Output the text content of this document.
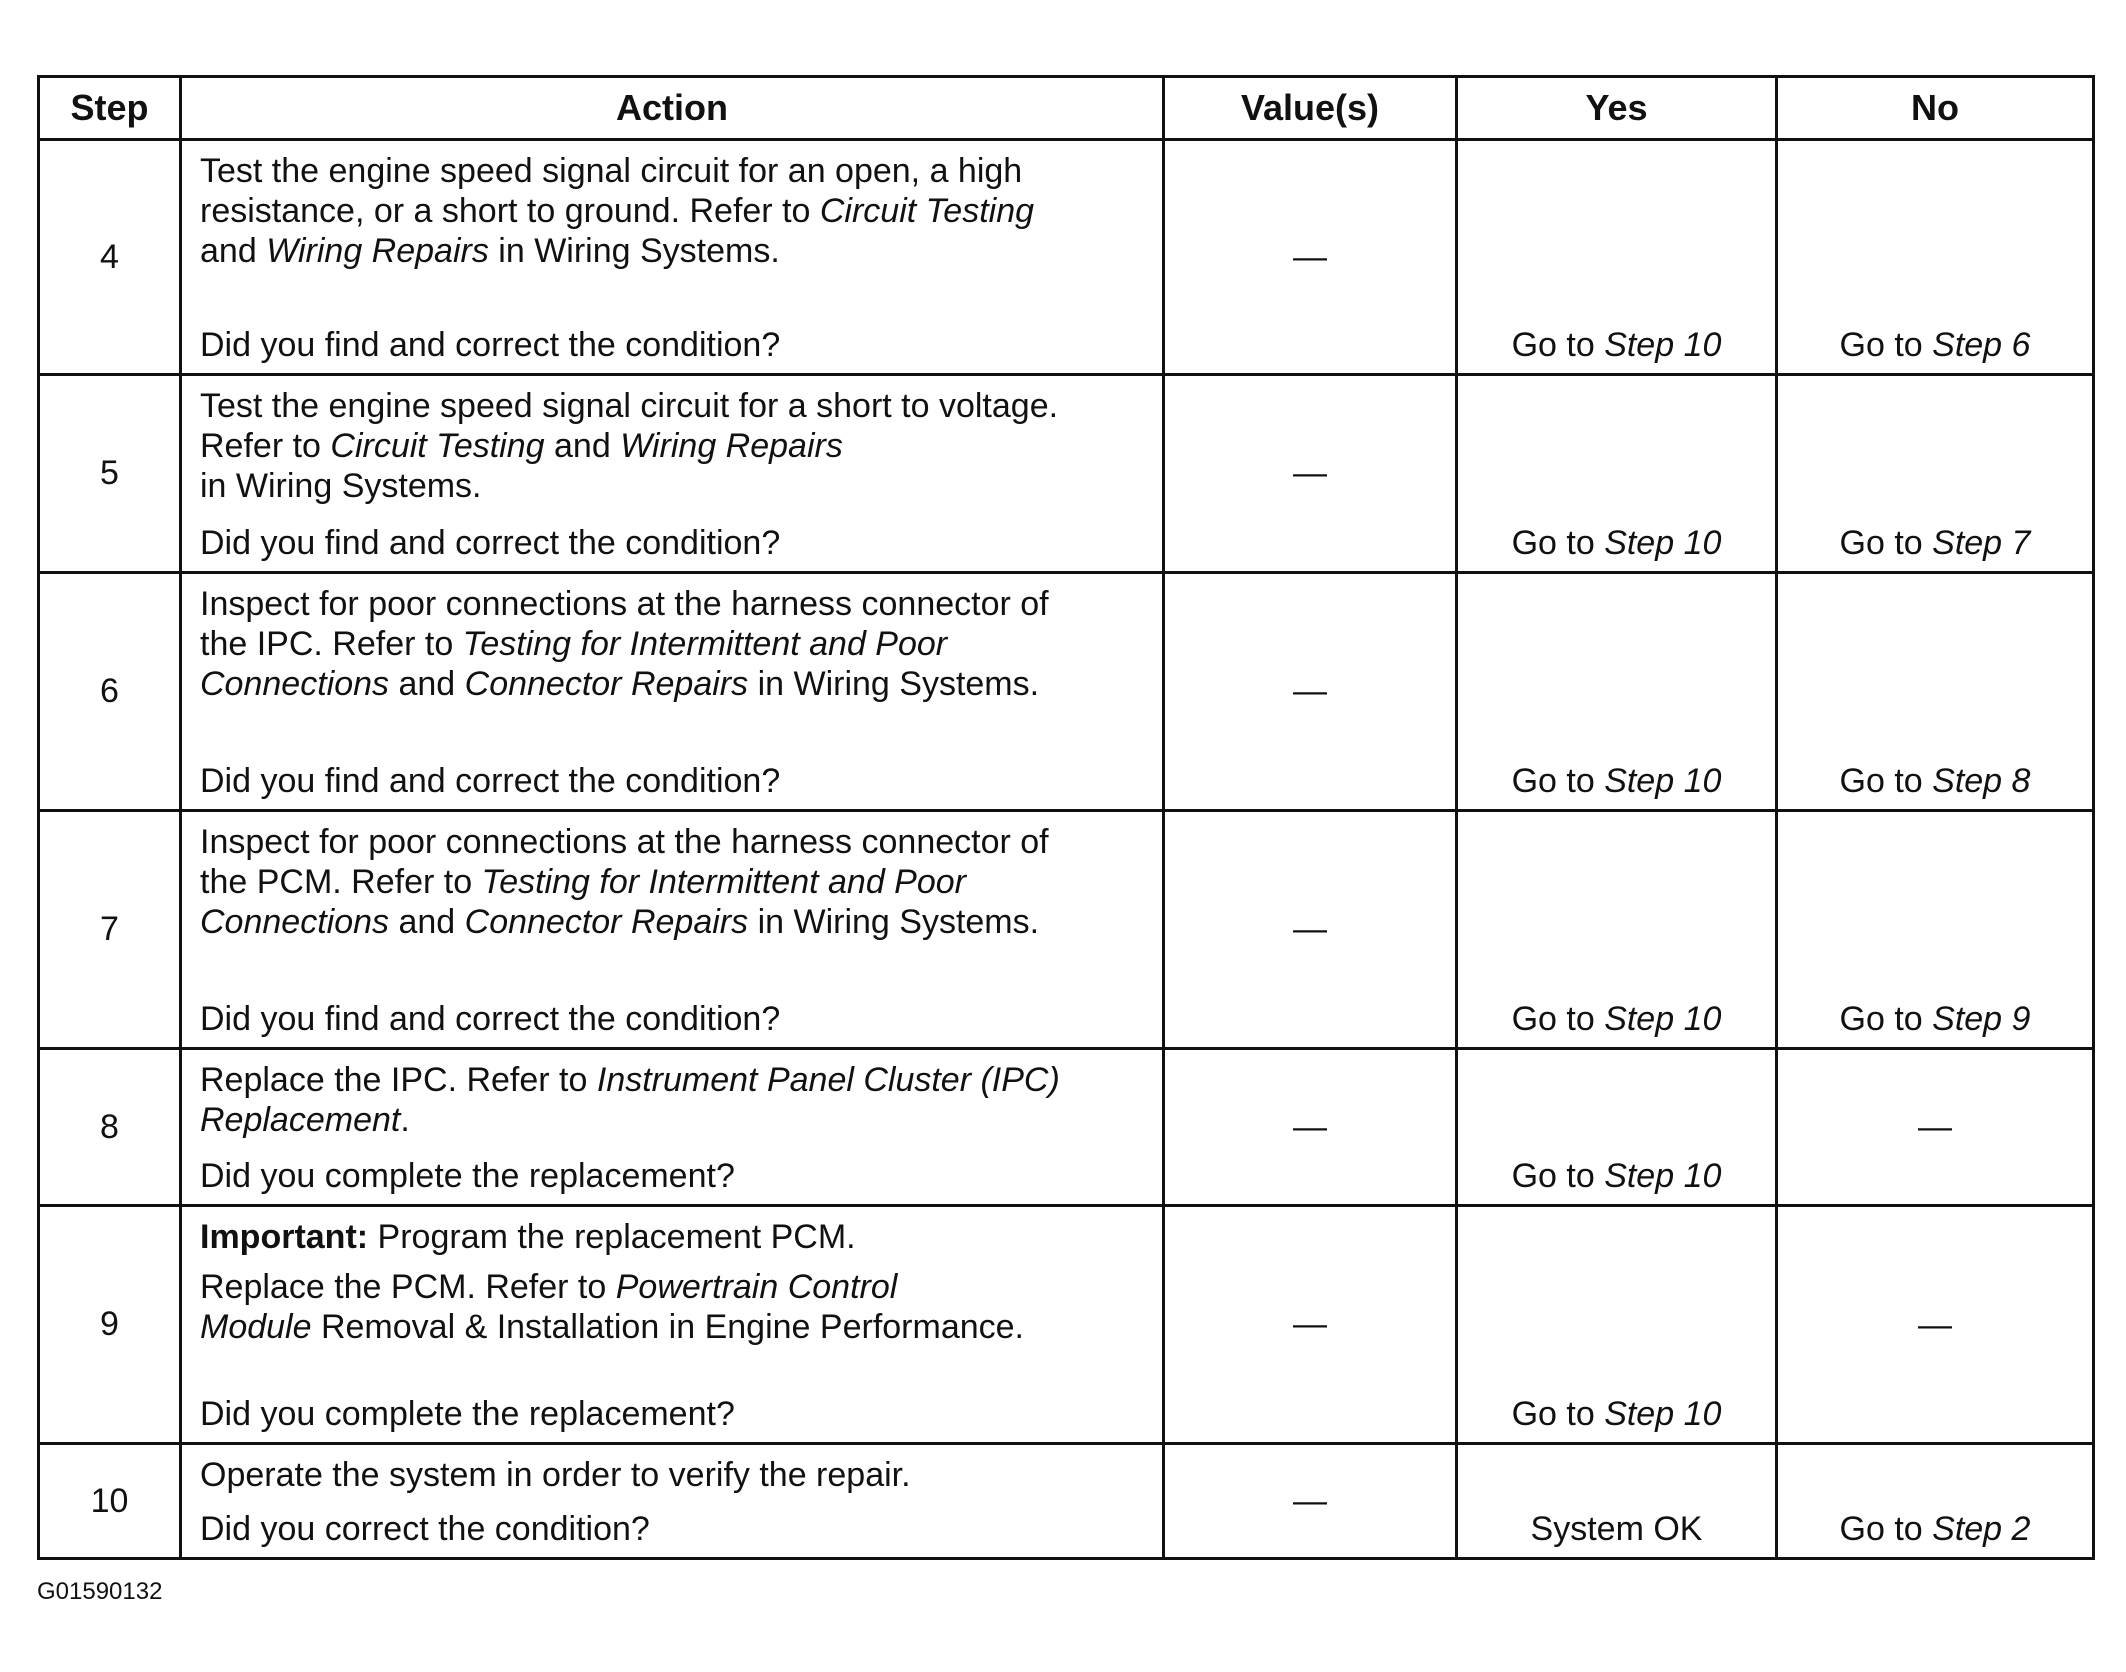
Step	Action	Value(s)	Yes	No
4	Test the engine speed signal circuit for an open, a high
resistance, or a short to ground. Refer to Circuit Testing
and Wiring Repairs in Wiring Systems.
Did you find and correct the condition?	—	Go to Step 10	Go to Step 6
5	Test the engine speed signal circuit for a short to voltage.
Refer to Circuit Testing and Wiring Repairs
in Wiring Systems.
Did you find and correct the condition?	—	Go to Step 10	Go to Step 7
6	Inspect for poor connections at the harness connector of
the IPC. Refer to Testing for Intermittent and Poor
Connections and Connector Repairs in Wiring Systems.
Did you find and correct the condition?	—	Go to Step 10	Go to Step 8
7	Inspect for poor connections at the harness connector of
the PCM. Refer to Testing for Intermittent and Poor
Connections and Connector Repairs in Wiring Systems.
Did you find and correct the condition?	—	Go to Step 10	Go to Step 9
8	Replace the IPC. Refer to Instrument Panel Cluster (IPC)
Replacement.
Did you complete the replacement?	—	Go to Step 10	—
9	Important: Program the replacement PCM.
Replace the PCM. Refer to Powertrain Control
Module Removal & Installation in Engine Performance.
Did you complete the replacement?	—	Go to Step 10	—
10	Operate the system in order to verify the repair.
Did you correct the condition?	—	System OK	Go to Step 2
G01590132
